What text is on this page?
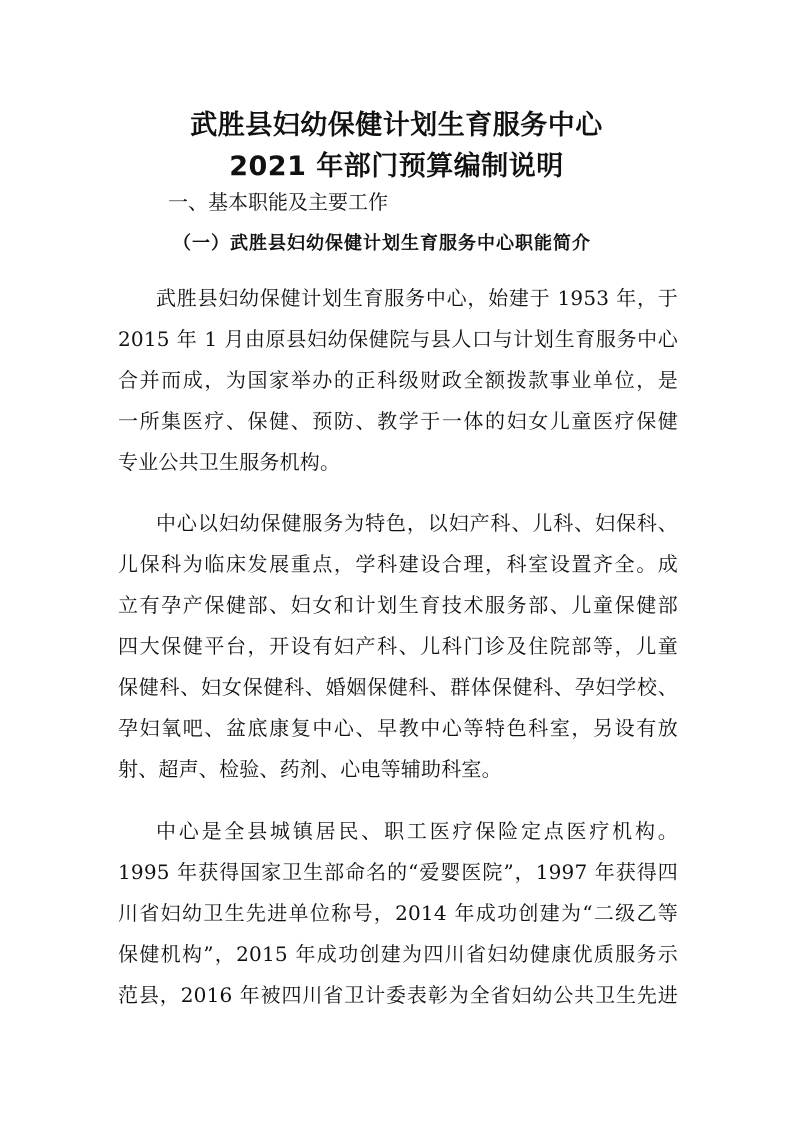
武胜县妇幼保健计划生育服务中心
2021 年部门预算编制说明
一、基本职能及主要工作
（一）武胜县妇幼保健计划生育服务中心职能简介
武胜县妇幼保健计划生育服务中心，始建于 1953 年，于
2015 年 1 月由原县妇幼保健院与县人口与计划生育服务中心
合并而成，为国家举办的正科级财政全额拨款事业单位，是
一所集医疗、保健、预防、教学于一体的妇女儿童医疗保健
专业公共卫生服务机构。
中心以妇幼保健服务为特色，以妇产科、儿科、妇保科、
儿保科为临床发展重点，学科建设合理，科室设置齐全。成
立有孕产保健部、妇女和计划生育技术服务部、儿童保健部
四大保健平台，开设有妇产科、儿科门诊及住院部等，儿童
保健科、妇女保健科、婚姻保健科、群体保健科、孕妇学校、
孕妇氧吧、盆底康复中心、早教中心等特色科室，另设有放
射、超声、检验、药剂、心电等辅助科室。
中心是全县城镇居民、职工医疗保险定点医疗机构。
1995 年获得国家卫生部命名的“爱婴医院”，1997 年获得四
川省妇幼卫生先进单位称号，2014 年成功创建为“二级乙等
保健机构”，2015 年成功创建为四川省妇幼健康优质服务示
范县，2016 年被四川省卫计委表彰为全省妇幼公共卫生先进
